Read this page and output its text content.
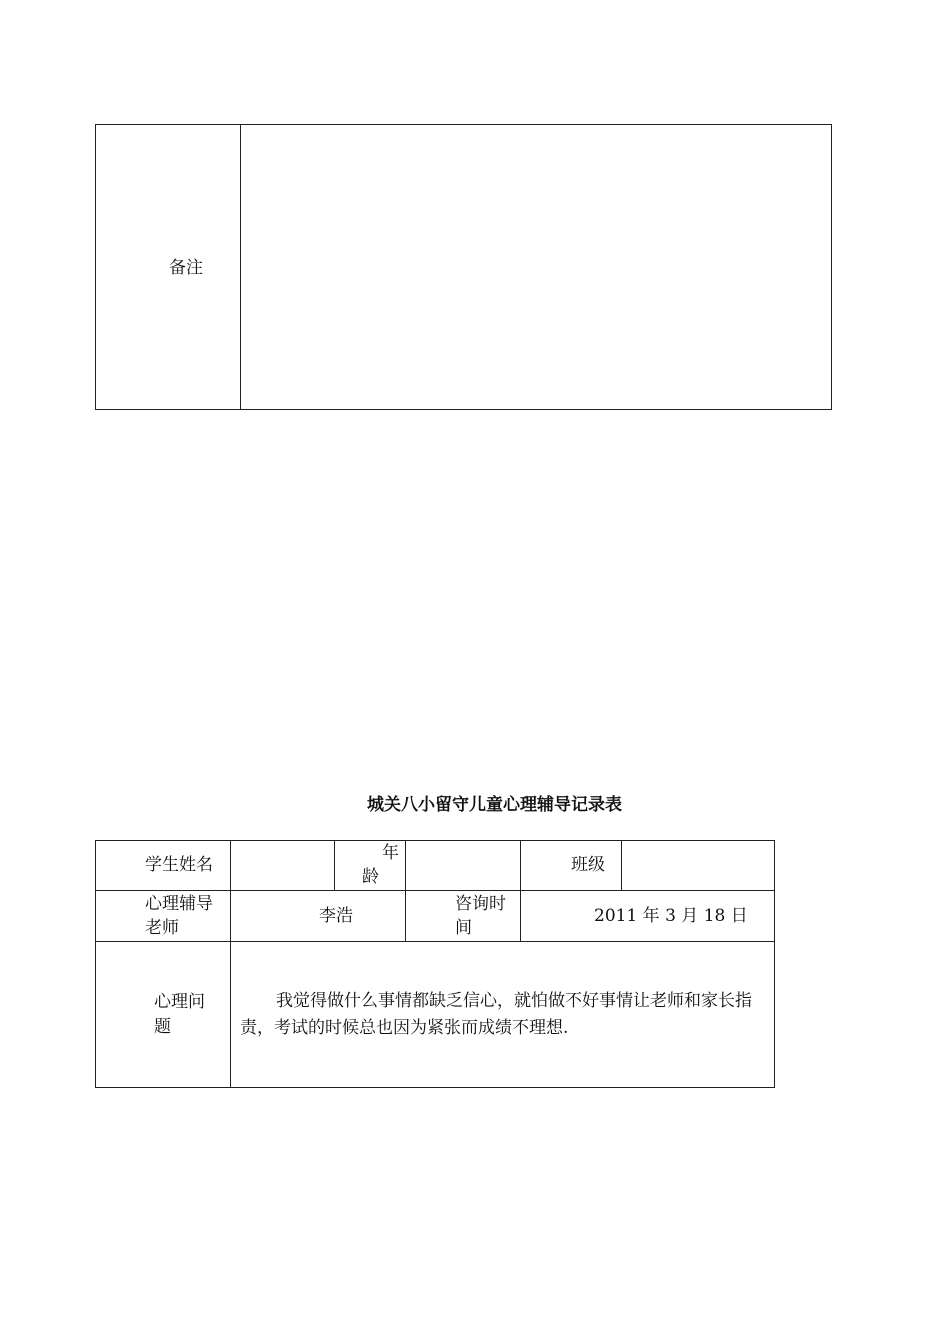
备注
城关八小留守儿童心理辅导记录表
学生姓名
年
龄
班级
心理辅导
老师
李浩
咨询时
间
2011 年 3 月 18 日
心理问
题
我觉得做什么事情都缺乏信心，就怕做不好事情让老师和家长指责，考试的时候总也因为紧张而成绩不理想.
